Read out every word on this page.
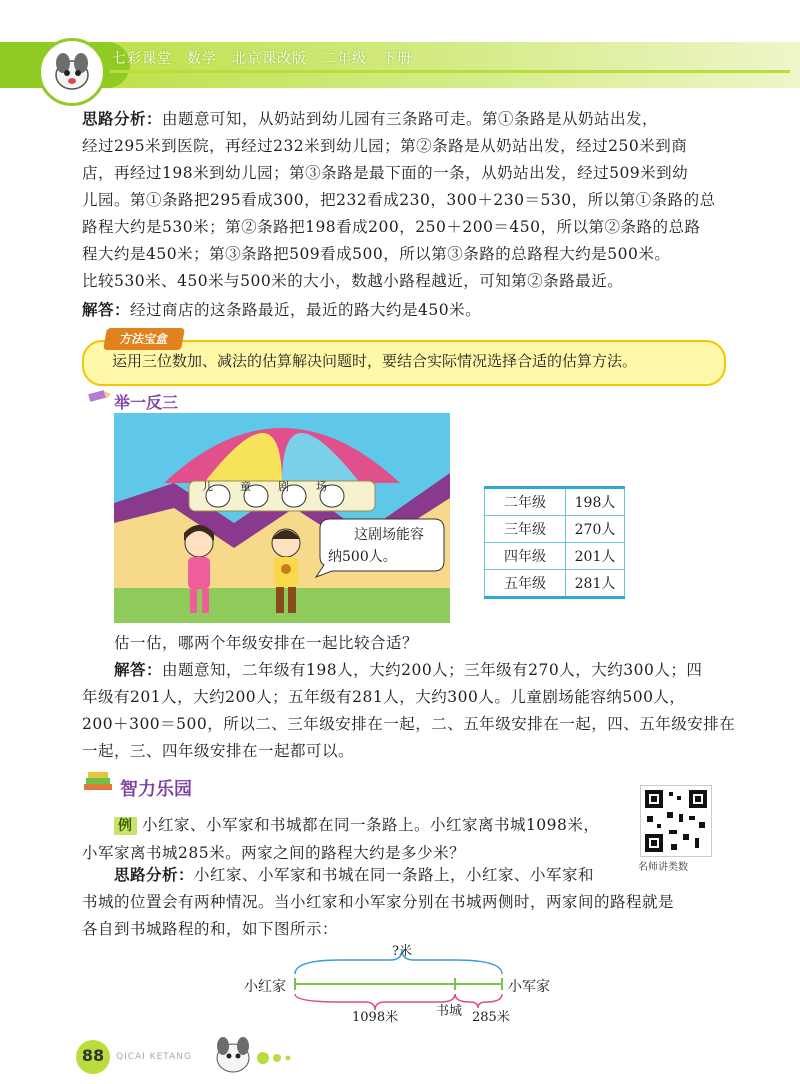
七彩课堂　数学　北京课改版　二年级　下册
思路分析：由题意可知，从奶站到幼儿园有三条路可走。第①条路是从奶站出发，
经过295米到医院，再经过232米到幼儿园；第②条路是从奶站出发，经过250米到商
店，再经过198米到幼儿园；第③条路是最下面的一条，从奶站出发，经过509米到幼
儿园。第①条路把295看成300，把232看成230，300＋230＝530，所以第①条路的总
路程大约是530米；第②条路把198看成200，250＋200＝450，所以第②条路的总路
程大约是450米；第③条路把509看成500，所以第③条路的总路程大约是500米。
比较530米、450米与500米的大小，数越小路程越近，可知第②条路最近。
解答：经过商店的这条路最近，最近的路大约是450米。
方法宝盒
运用三位数加、减法的估算解决问题时，要结合实际情况选择合适的估算方法。
举一反三
儿 童 剧 场
这剧场能容
纳500人。
二年级	198人
三年级	270人
四年级	201人
五年级	281人
估一估，哪两个年级安排在一起比较合适？
解答：由题意知，二年级有198人，大约200人；三年级有270人，大约300人；四
年级有201人，大约200人；五年级有281人，大约300人。儿童剧场能容纳500人，
200＋300＝500，所以二、三年级安排在一起，二、五年级安排在一起，四、五年级安排在
一起，三、四年级安排在一起都可以。
智力乐园
名师讲类数
例 小红家、小军家和书城都在同一条路上。小红家离书城1098米，
小军家离书城285米。两家之间的路程大约是多少米？
思路分析：小红家、小军家和书城在同一条路上，小红家、小军家和
书城的位置会有两种情况。当小红家和小军家分别在书城两侧时，两家间的路程就是
各自到书城路程的和，如下图所示：
?米
小红家	小军家
书城
1098米	285米
88	QICAI KETANG
